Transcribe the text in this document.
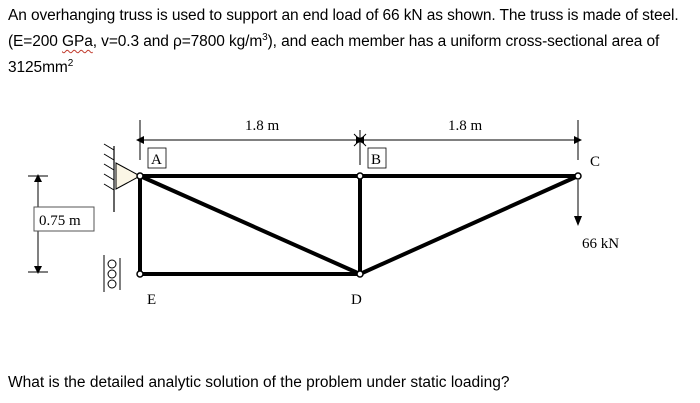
An overhanging truss is used to support an end load of 66 kN as shown. The truss is made of steel.
(E=200 GPa, v=0.3 and ρ=7800 $kg/m^3$), and each member has a uniform cross-sectional area of
$3125mm^2$
1.8 m	1.8 m
0.75 m
A	B	C
D
E
66 kN
What is the detailed analytic solution of the problem under static loading?
